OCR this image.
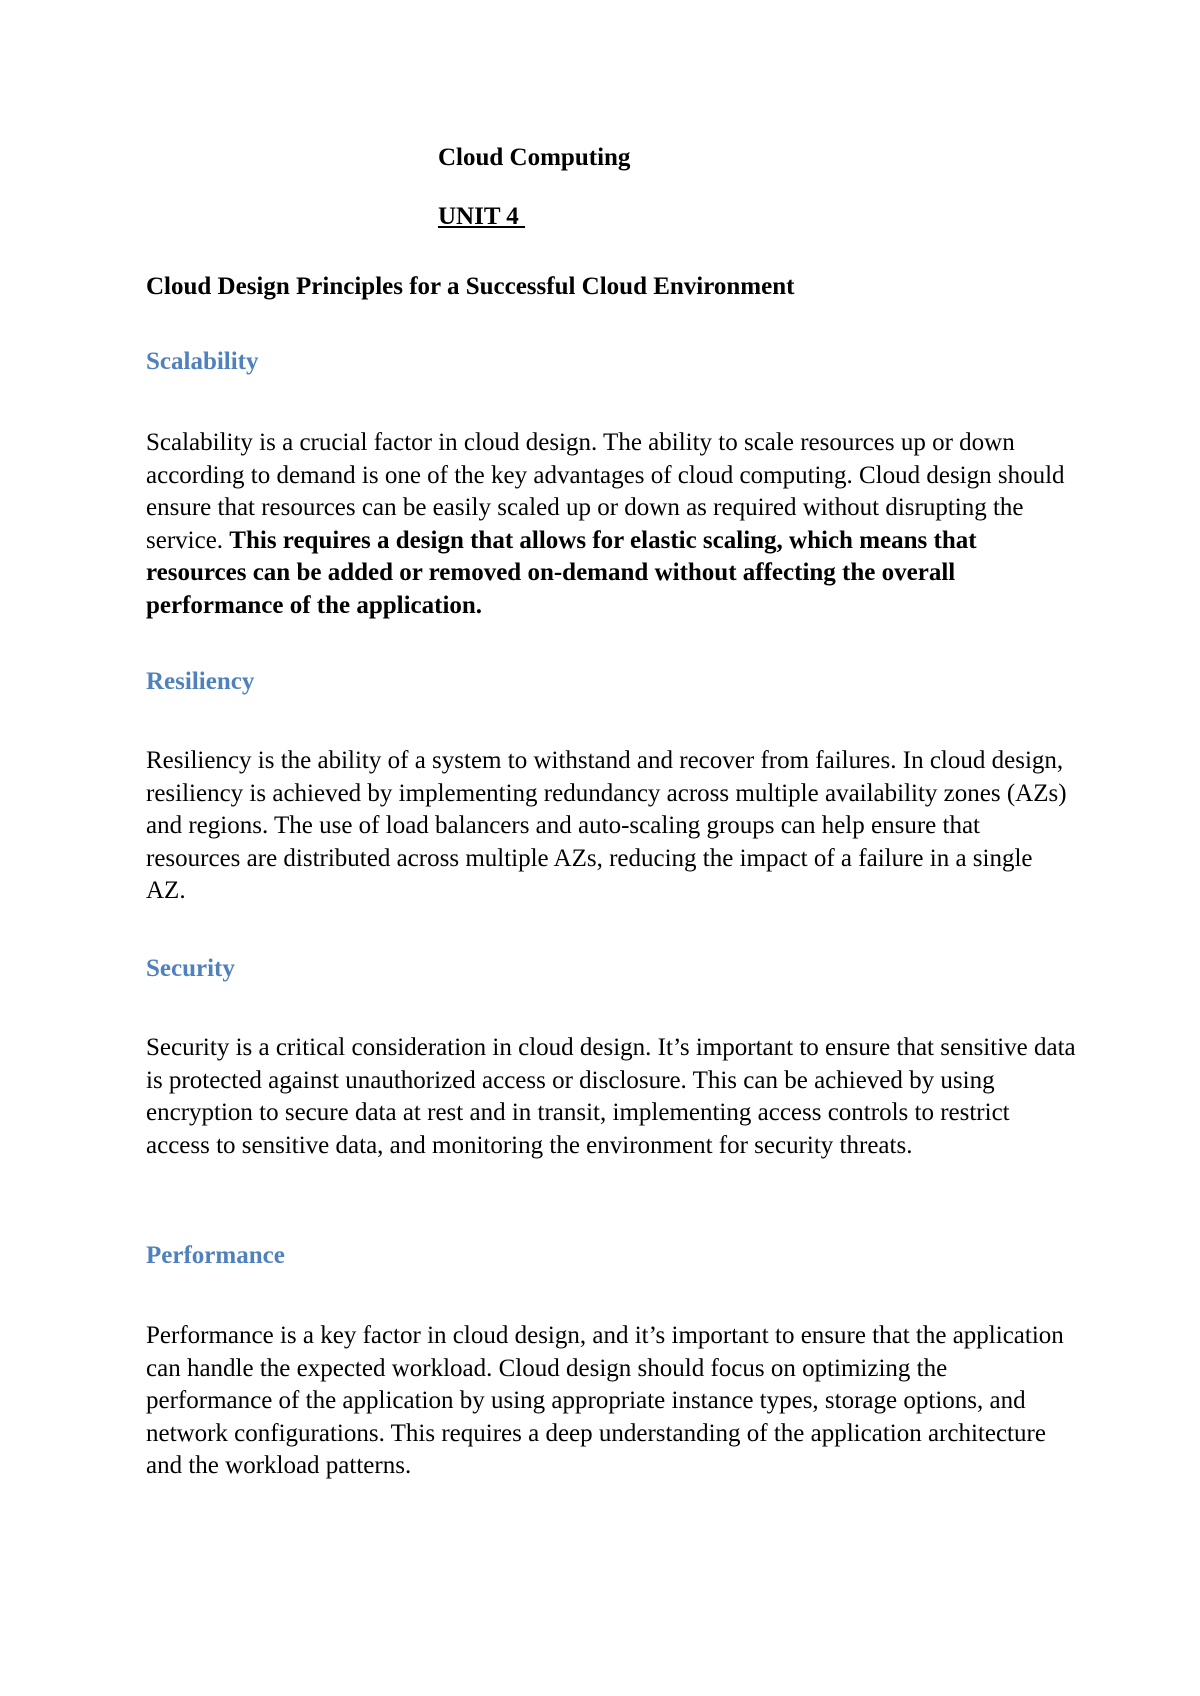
Cloud Computing
UNIT 4
Cloud Design Principles for a Successful Cloud Environment
Scalability

Scalability is a crucial factor in cloud design. The ability to scale resources up or down according to demand is one of the key advantages of cloud computing. Cloud design should ensure that resources can be easily scaled up or down as required without disrupting the service. This requires a design that allows for elastic scaling, which means that resources can be added or removed on-demand without affecting the overall performance of the application.

Resiliency

Resiliency is the ability of a system to withstand and recover from failures. In cloud design, resiliency is achieved by implementing redundancy across multiple availability zones (AZs) and regions. The use of load balancers and auto-scaling groups can help ensure that resources are distributed across multiple AZs, reducing the impact of a failure in a single AZ.

Security

Security is a critical consideration in cloud design. It’s important to ensure that sensitive data is protected against unauthorized access or disclosure. This can be achieved by using encryption to secure data at rest and in transit, implementing access controls to restrict access to sensitive data, and monitoring the environment for security threats.

Performance

Performance is a key factor in cloud design, and it’s important to ensure that the application can handle the expected workload. Cloud design should focus on optimizing the performance of the application by using appropriate instance types, storage options, and network configurations. This requires a deep understanding of the application architecture and the workload patterns.
